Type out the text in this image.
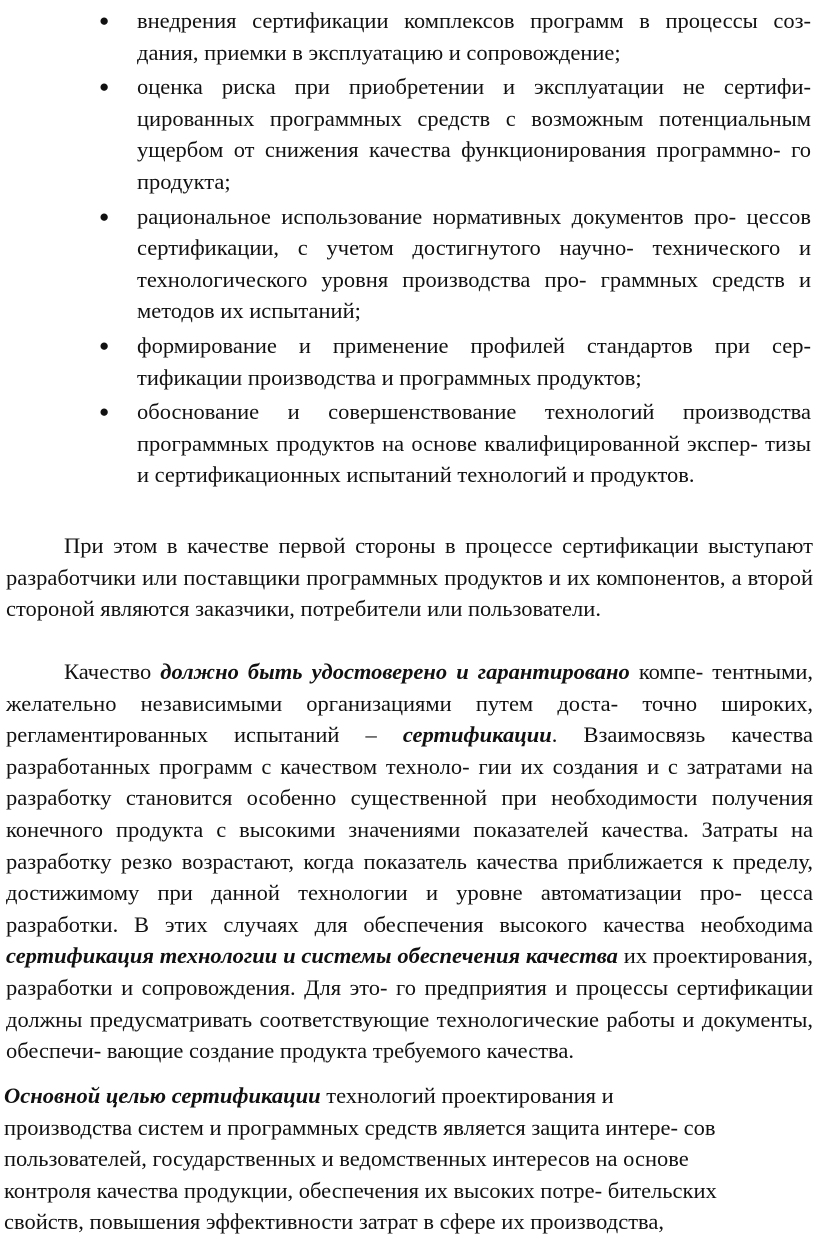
● внедрения сертификации комплексов программ в процессы соз- дания, приемки в эксплуатацию и сопровождение;
● оценка риска при приобретении и эксплуатации не сертифи- цированных программных средств с возможным потенциальным ущербом от снижения качества функционирования программно- го продукта;
● рациональное использование нормативных документов про- цессов сертификации, с учетом достигнутого научно- технического и технологического уровня производства про- граммных средств и методов их испытаний;
● формирование и применение профилей стандартов при сер- тификации производства и программных продуктов;
● обоснование и совершенствование технологий производства программных продуктов на основе квалифицированной экспер- тизы и сертификационных испытаний технологий и продуктов.

При этом в качестве первой стороны в процессе сертификации выступают разработчики или поставщики программных продуктов и их компонентов, а второй стороной являются заказчики, потребители или пользователи.

Качество должно быть удостоверено и гарантировано компе- тентными, желательно независимыми организациями путем доста- точно широких, регламентированных испытаний – сертификации. Взаимосвязь качества разработанных программ с качеством техноло- гии их создания и с затратами на разработку становится особенно существенной при необходимости получения конечного продукта с высокими значениями показателей качества. Затраты на разработку резко возрастают, когда показатель качества приближается к пределу, достижимому при данной технологии и уровне автоматизации про- цесса разработки. В этих случаях для обеспечения высокого качества необходима сертификация технологии и системы обеспечения качества их проектирования, разработки и сопровождения. Для это- го предприятия и процессы сертификации должны предусматривать соответствующие технологические работы и документы, обеспечи- вающие создание продукта требуемого качества.

Основной целью сертификации технологий проектирования и производства систем и программных средств является защита интере- сов пользователей, государственных и ведомственных интересов на основе контроля качества продукции, обеспечения их высоких потре- бительских свойств, повышения эффективности затрат в сфере их производства,
